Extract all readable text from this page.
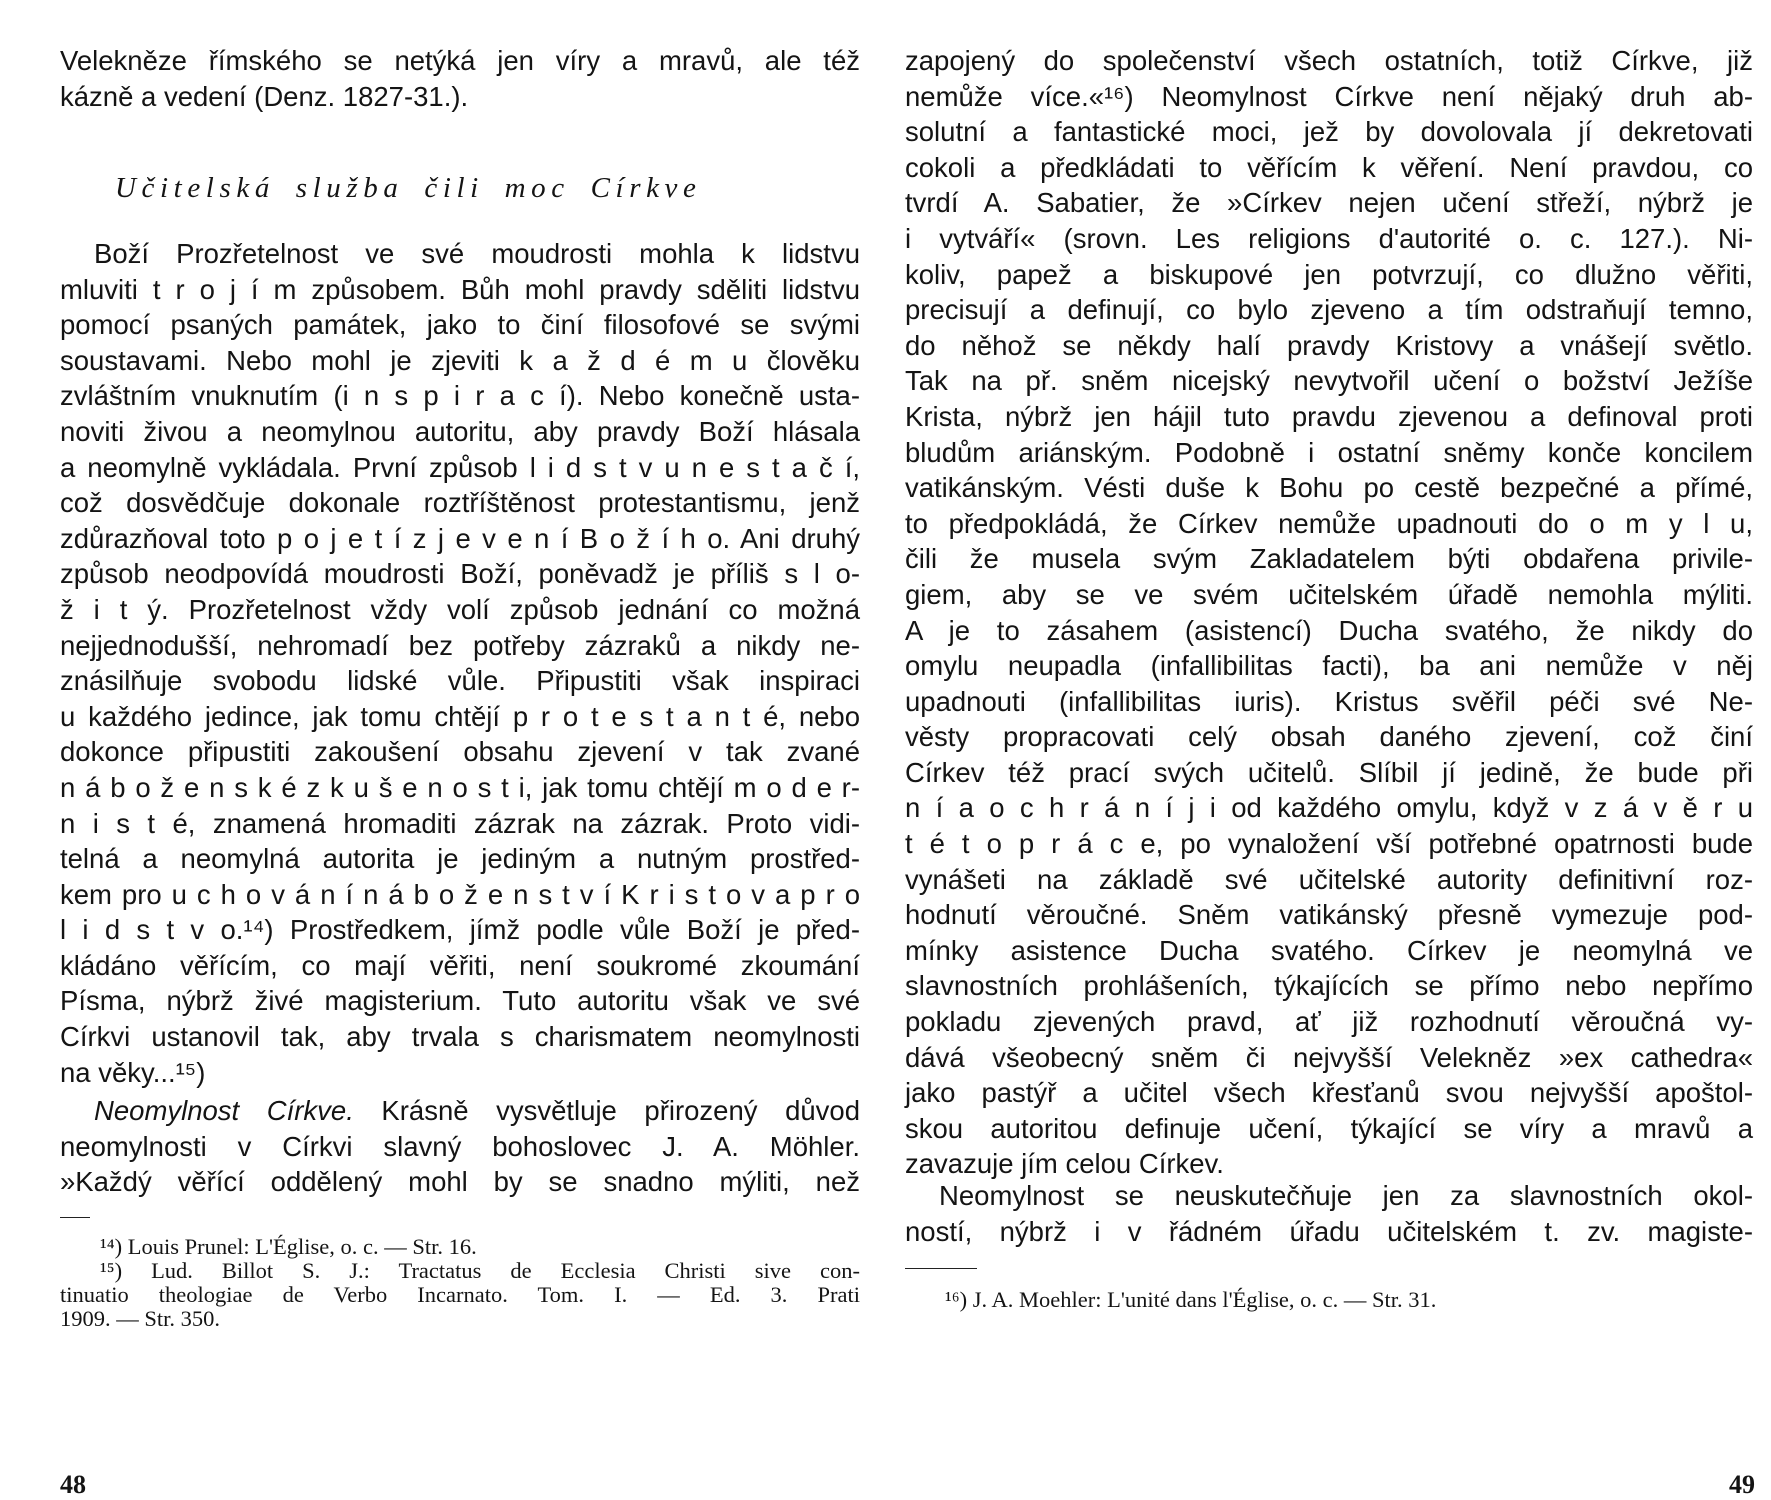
Velekněze římského se netýká jen víry a mravů, ale též
kázně a vedení (Denz. 1827-31.).
Učitelská služba čili moc Církve
Boží Prozřetelnost ve své moudrosti mohla k lidstvu
mluviti t r o j í m způsobem. Bůh mohl pravdy sděliti lidstvu
pomocí psaných památek, jako to činí filosofové se svými
soustavami. Nebo mohl je zjeviti k a ž d é m u člověku
zvláštním vnuknutím (i n s p i r a c í). Nebo konečně usta-
noviti živou a neomylnou autoritu, aby pravdy Boží hlásala
a neomylně vykládala. První způsob l i d s t v u n e s t a č í,
což dosvědčuje dokonale roztříštěnost protestantismu, jenž
zdůrazňoval toto p o j e t í z j e v e n í B o ž í h o. Ani druhý
způsob neodpovídá moudrosti Boží, poněvadž je příliš s l o-
ž i t ý. Prozřetelnost vždy volí způsob jednání co možná
nejjednodušší, nehromadí bez potřeby zázraků a nikdy ne-
znásilňuje svobodu lidské vůle. Připustiti však inspiraci
u každého jedince, jak tomu chtějí p r o t e s t a n t é, nebo
dokonce připustiti zakoušení obsahu zjevení v tak zvané
n á b o ž e n s k é z k u š e n o s t i, jak tomu chtějí m o d e r-
n i s t é, znamená hromaditi zázrak na zázrak. Proto vidi-
telná a neomylná autorita je jediným a nutným prostřed-
kem pro u c h o v á n í n á b o ž e n s t v í K r i s t o v a p r o
l i d s t v o.¹⁴) Prostředkem, jímž podle vůle Boží je před-
kládáno věřícím, co mají věřiti, není soukromé zkoumání
Písma, nýbrž živé magisterium. Tuto autoritu však ve své
Církvi ustanovil tak, aby trvala s charismatem neomylnosti
na věky...¹⁵)
Neomylnost Církve. Krásně vysvětluje přirozený důvod
neomylnosti v Církvi slavný bohoslovec J. A. Möhler.
»Každý věřící oddělený mohl by se snadno mýliti, než
¹⁴) Louis Prunel: L'Église, o. c. — Str. 16.
¹⁵) Lud. Billot S. J.: Tractatus de Ecclesia Christi sive con-
tinuatio theologiae de Verbo Incarnato. Tom. I. — Ed. 3. Prati
1909. — Str. 350.
48
zapojený do společenství všech ostatních, totiž Církve, již
nemůže více.«¹⁶) Neomylnost Církve není nějaký druh ab-
solutní a fantastické moci, jež by dovolovala jí dekretovati
cokoli a předkládati to věřícím k věření. Není pravdou, co
tvrdí A. Sabatier, že »Církev nejen učení střeží, nýbrž je
i vytváří« (srovn. Les religions d'autorité o. c. 127.). Ni-
koliv, papež a biskupové jen potvrzují, co dlužno věřiti,
precisují a definují, co bylo zjeveno a tím odstraňují temno,
do něhož se někdy halí pravdy Kristovy a vnášejí světlo.
Tak na př. sněm nicejský nevytvořil učení o božství Ježíše
Krista, nýbrž jen hájil tuto pravdu zjevenou a definoval proti
bludům ariánským. Podobně i ostatní sněmy konče koncilem
vatikánským. Vésti duše k Bohu po cestě bezpečné a přímé,
to předpokládá, že Církev nemůže upadnouti do o m y l u,
čili že musela svým Zakladatelem býti obdařena privile-
giem, aby se ve svém učitelském úřadě nemohla mýliti.
A je to zásahem (asistencí) Ducha svatého, že nikdy do
omylu neupadla (infallibilitas facti), ba ani nemůže v něj
upadnouti (infallibilitas iuris). Kristus svěřil péči své Ne-
věsty propracovati celý obsah daného zjevení, což činí
Církev též prací svých učitelů. Slíbil jí jedině, že bude při
n í a o c h r á n í j i od každého omylu, když v z á v ě r u
t é t o p r á c e, po vynaložení vší potřebné opatrnosti bude
vynášeti na základě své učitelské autority definitivní roz-
hodnutí věroučné. Sněm vatikánský přesně vymezuje pod-
mínky asistence Ducha svatého. Církev je neomylná ve
slavnostních prohlášeních, týkajících se přímo nebo nepřímo
pokladu zjevených pravd, ať již rozhodnutí věroučná vy-
dává všeobecný sněm či nejvyšší Velekněz »ex cathedra«
jako pastýř a učitel všech křesťanů svou nejvyšší apoštol-
skou autoritou definuje učení, týkající se víry a mravů a
zavazuje jím celou Církev.
Neomylnost se neuskutečňuje jen za slavnostních okol-
ností, nýbrž i v řádném úřadu učitelském t. zv. magiste-
¹⁶) J. A. Moehler: L'unité dans l'Église, o. c. — Str. 31.
49
